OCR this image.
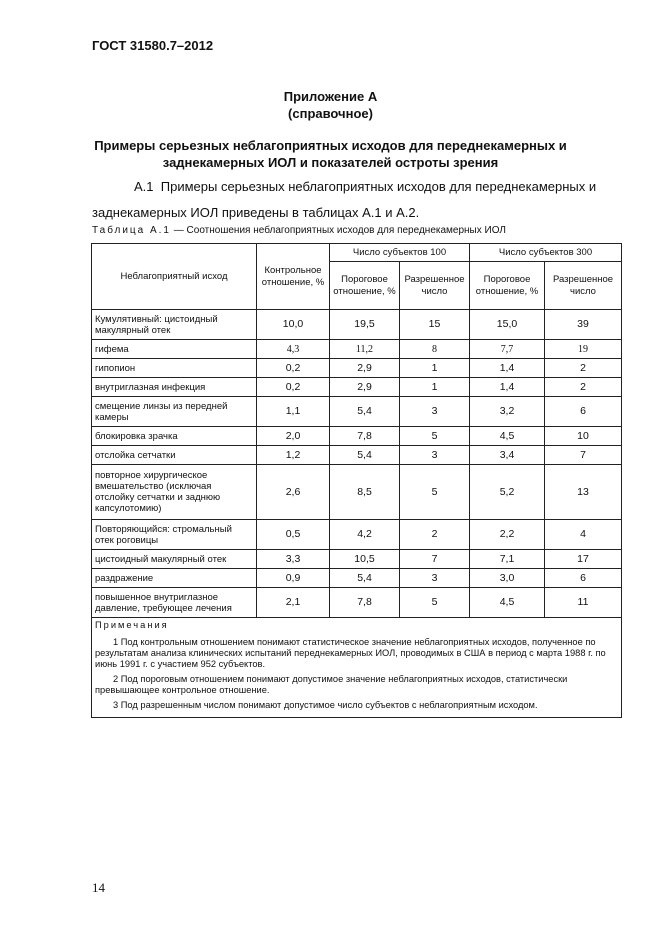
ГОСТ 31580.7–2012
Приложение А
(справочное)
Примеры серьезных неблагоприятных исходов для переднекамерных и
заднекамерных ИОЛ и показателей остроты зрения
А.1 Примеры серьезных неблагоприятных исходов для переднекамерных и
заднекамерных ИОЛ приведены в таблицах А.1 и А.2.
Таблица А.1 — Соотношения неблагоприятных исходов для переднекамерных ИОЛ
Неблагоприятный исход	Контрольное отношение, %	Число субъектов 100		Число субъектов 300	
		Пороговое отношение, %	Разрешенное число	Пороговое отношение, %	Разрешенное число
Кумулятивный: цистоидный макулярный отек	10,0	19,5	15	15,0	39
гифема	4,3	11,2	8	7,7	19
гипопион	0,2	2,9	1	1,4	2
внутриглазная инфекция	0,2	2,9	1	1,4	2
смещение линзы из передней камеры	1,1	5,4	3	3,2	6
блокировка зрачка	2,0	7,8	5	4,5	10
отслойка сетчатки	1,2	5,4	3	3,4	7
повторное хирургическое вмешательство (исключая отслойку сетчатки и заднюю капсулотомию)	2,6	8,5	5	5,2	13
Повторяющийся: стромальный отек роговицы	0,5	4,2	2	2,2	4
цистоидный макулярный отек	3,3	10,5	7	7,1	17
раздражение	0,9	5,4	3	3,0	6
повышенное внутриглазное давление, требующее лечения	2,1	7,8	5	4,5	11

Примечания

1 Под контрольным отношением понимают статистическое значение неблагоприятных исходов, полученное по результатам анализа клинических испытаний переднекамерных ИОЛ, проводимых в США в период с марта 1988 г. по июнь 1991 г. с участием 952 субъектов.

2 Под пороговым отношением понимают допустимое значение неблагоприятных исходов, статистически превышающее контрольное отношение.

3 Под разрешенным числом понимают допустимое число субъектов с неблагоприятным исходом.					

14
